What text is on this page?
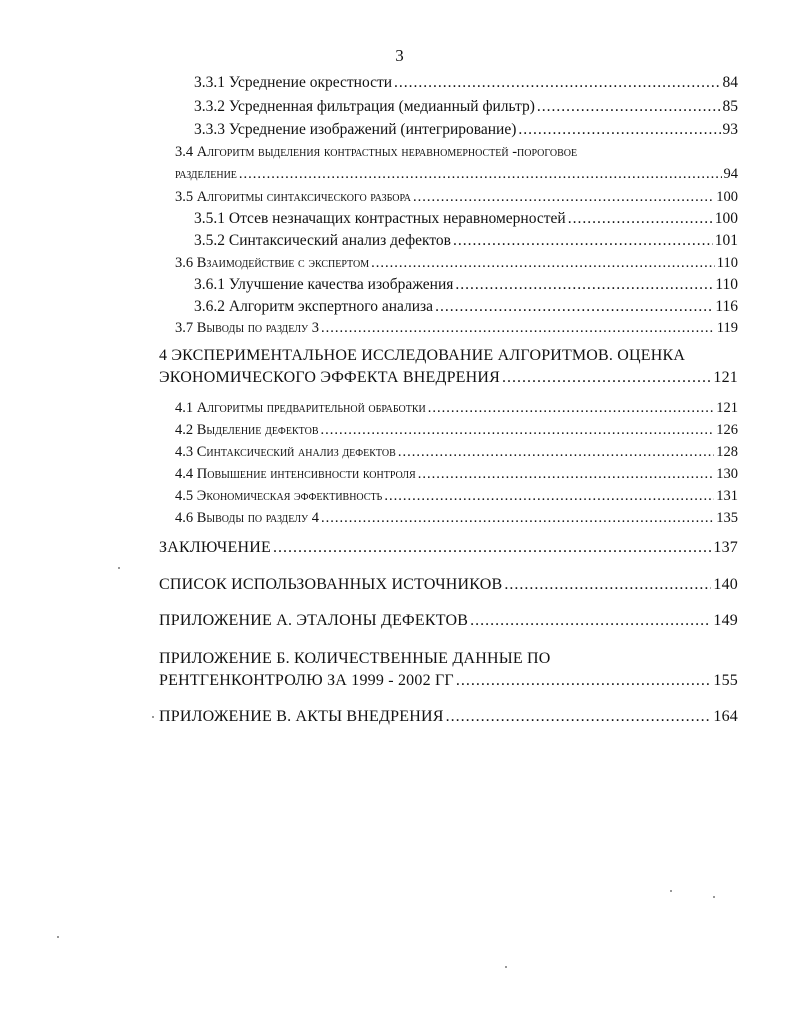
3
3.3.1 Усреднение окрестности .....	84
3.3.2 Усредненная фильтрация (медианный фильтр) .....	85
3.3.3 Усреднение изображений (интегрирование) .....	93
3.4 Алгоритм выделения контрастных неравномерностей -пороговое
разделение .....	94
3.5 Алгоритмы синтаксического разбора .....	100
3.5.1 Отсев незначащих контрастных неравномерностей .....	100
3.5.2 Синтаксический анализ дефектов .....	101
3.6 Взаимодействие с экспертом .....	110
3.6.1 Улучшение качества изображения .....	110
3.6.2 Алгоритм экспертного анализа .....	116
3.7 Выводы по разделу 3 .....	119
4 ЭКСПЕРИМЕНТАЛЬНОЕ ИССЛЕДОВАНИЕ АЛГОРИТМОВ. ОЦЕНКА
ЭКОНОМИЧЕСКОГО ЭФФЕКТА ВНЕДРЕНИЯ .....	121
4.1 Алгоритмы предварительной обработки .....	121
4.2 Выделение дефектов .....	126
4.3 Синтаксический анализ дефектов .....	128
4.4 Повышение интенсивности контроля .....	130
4.5 Экономическая эффективность .....	131
4.6 Выводы по разделу 4 .....	135
ЗАКЛЮЧЕНИЕ .....	137
СПИСОК ИСПОЛЬЗОВАННЫХ ИСТОЧНИКОВ .....	140
ПРИЛОЖЕНИЕ А. ЭТАЛОНЫ ДЕФЕКТОВ .....	149
ПРИЛОЖЕНИЕ Б. КОЛИЧЕСТВЕННЫЕ ДАННЫЕ ПО
РЕНТГЕНКОНТРОЛЮ ЗА 1999 - 2002 ГГ .....	155
ПРИЛОЖЕНИЕ В. АКТЫ ВНЕДРЕНИЯ .....	164
